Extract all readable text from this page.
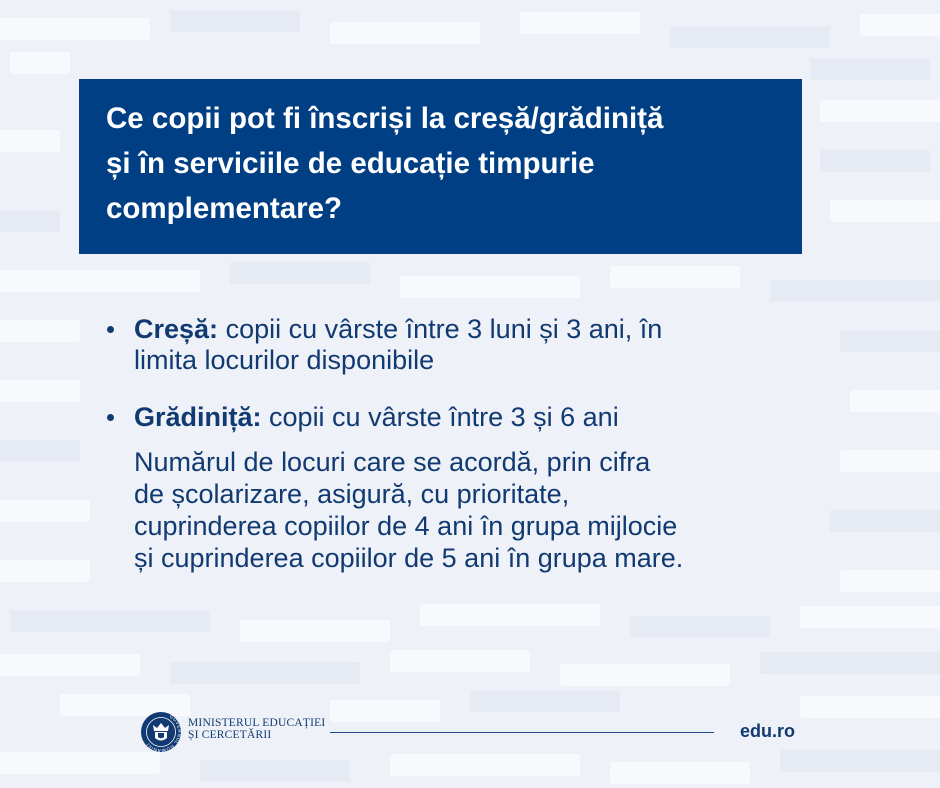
Ce copii pot fi înscriși la creșă/grădiniță
și în serviciile de educație timpurie
complementare?
Creșă: copii cu vârste între 3 luni și 3 ani, în
limita locurilor disponibile
Grădiniță: copii cu vârste între 3 și 6 ani
Numărul de locuri care se acordă, prin cifra
de școlarizare, asigură, cu prioritate,
cuprinderea copiilor de 4 ani în grupa mijlocie
și cuprinderea copiilor de 5 ani în grupa mare.
GUVERNUL ROMÂNIEI
MINISTERUL EDUCAȚIEI
ȘI CERCETĂRII	edu.ro
